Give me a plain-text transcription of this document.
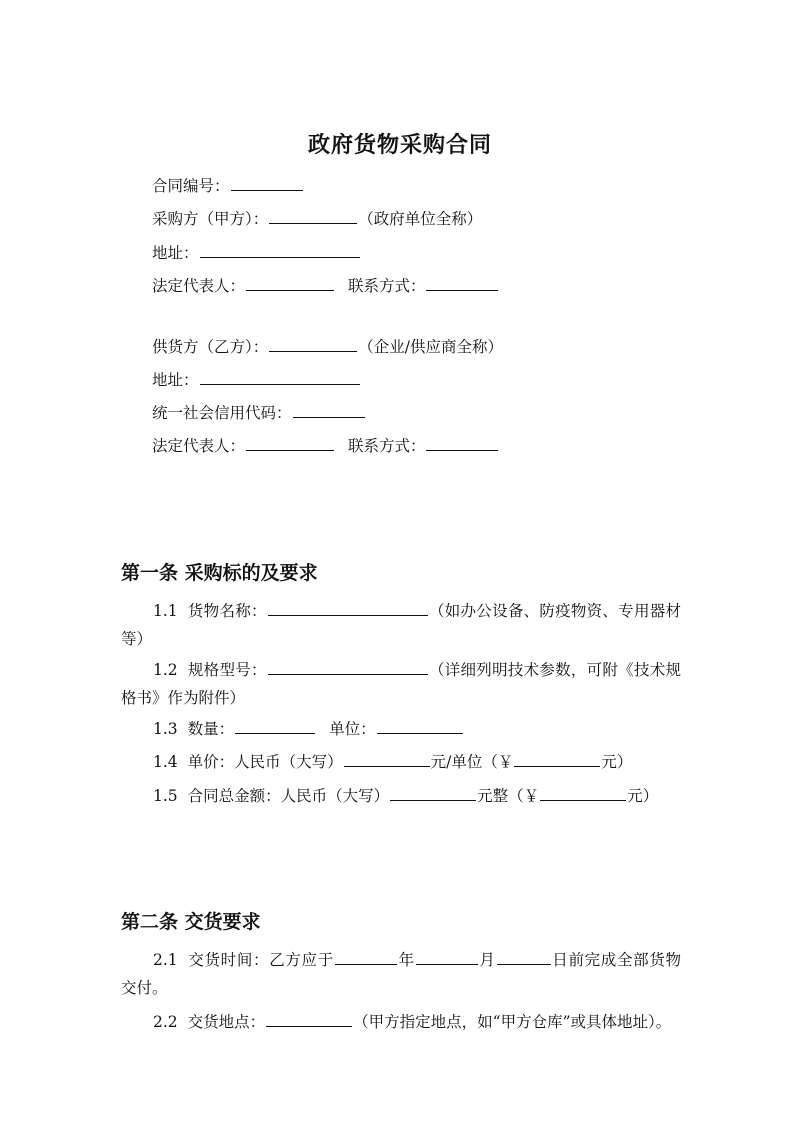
政府货物采购合同
合同编号：
采购方（甲方）：	（政府单位全称）
地址：
法定代表人：	联系方式：
供货方（乙方）：	（企业/供应商全称）
地址：
统一社会信用代码：
法定代表人：	联系方式：
第一条 采购标的及要求
1.1 货物名称：	（如办公设备、防疫物资、专用器材等）
1.2 规格型号：	（详细列明技术参数，可附《技术规格书》作为附件）
1.3 数量：	单位：
1.4 单价：人民币（大写）	元/单位（￥	元）
1.5 合同总金额：人民币（大写）	元整（￥	元）
第二条 交货要求
2.1 交货时间：乙方应于	年	月	日前完成全部货物交付。
2.2 交货地点：	（甲方指定地点，如“甲方仓库”或具体地址）。
